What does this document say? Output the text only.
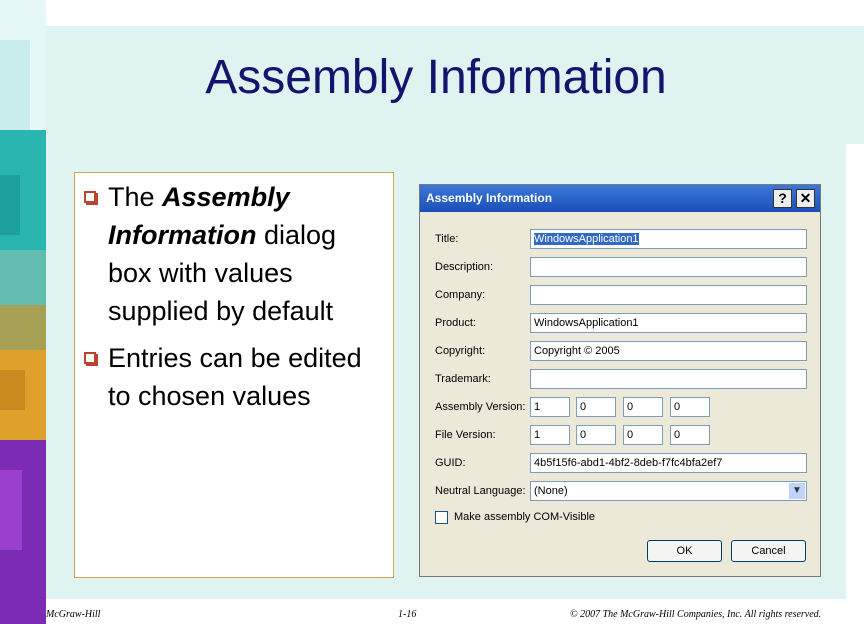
Assembly Information
The Assembly Information dialog box with values supplied by default
Entries can be edited to chosen values
Assembly Information	? ✕
Title:	WindowsApplication1
Description:
Company:
Product:	WindowsApplication1
Copyright:	Copyright © 2005
Trademark:
Assembly Version: 1	0	0	0
File Version:	1	0	0	0
GUID:	4b5f15f6-abd1-4bf2-8deb-f7fc4bfa2ef7
Neutral Language: (None)	▼
Make assembly COM-Visible
OK	Cancel
McGraw-Hill	1-16	© 2007 The McGraw-Hill Companies, Inc. All rights reserved.
